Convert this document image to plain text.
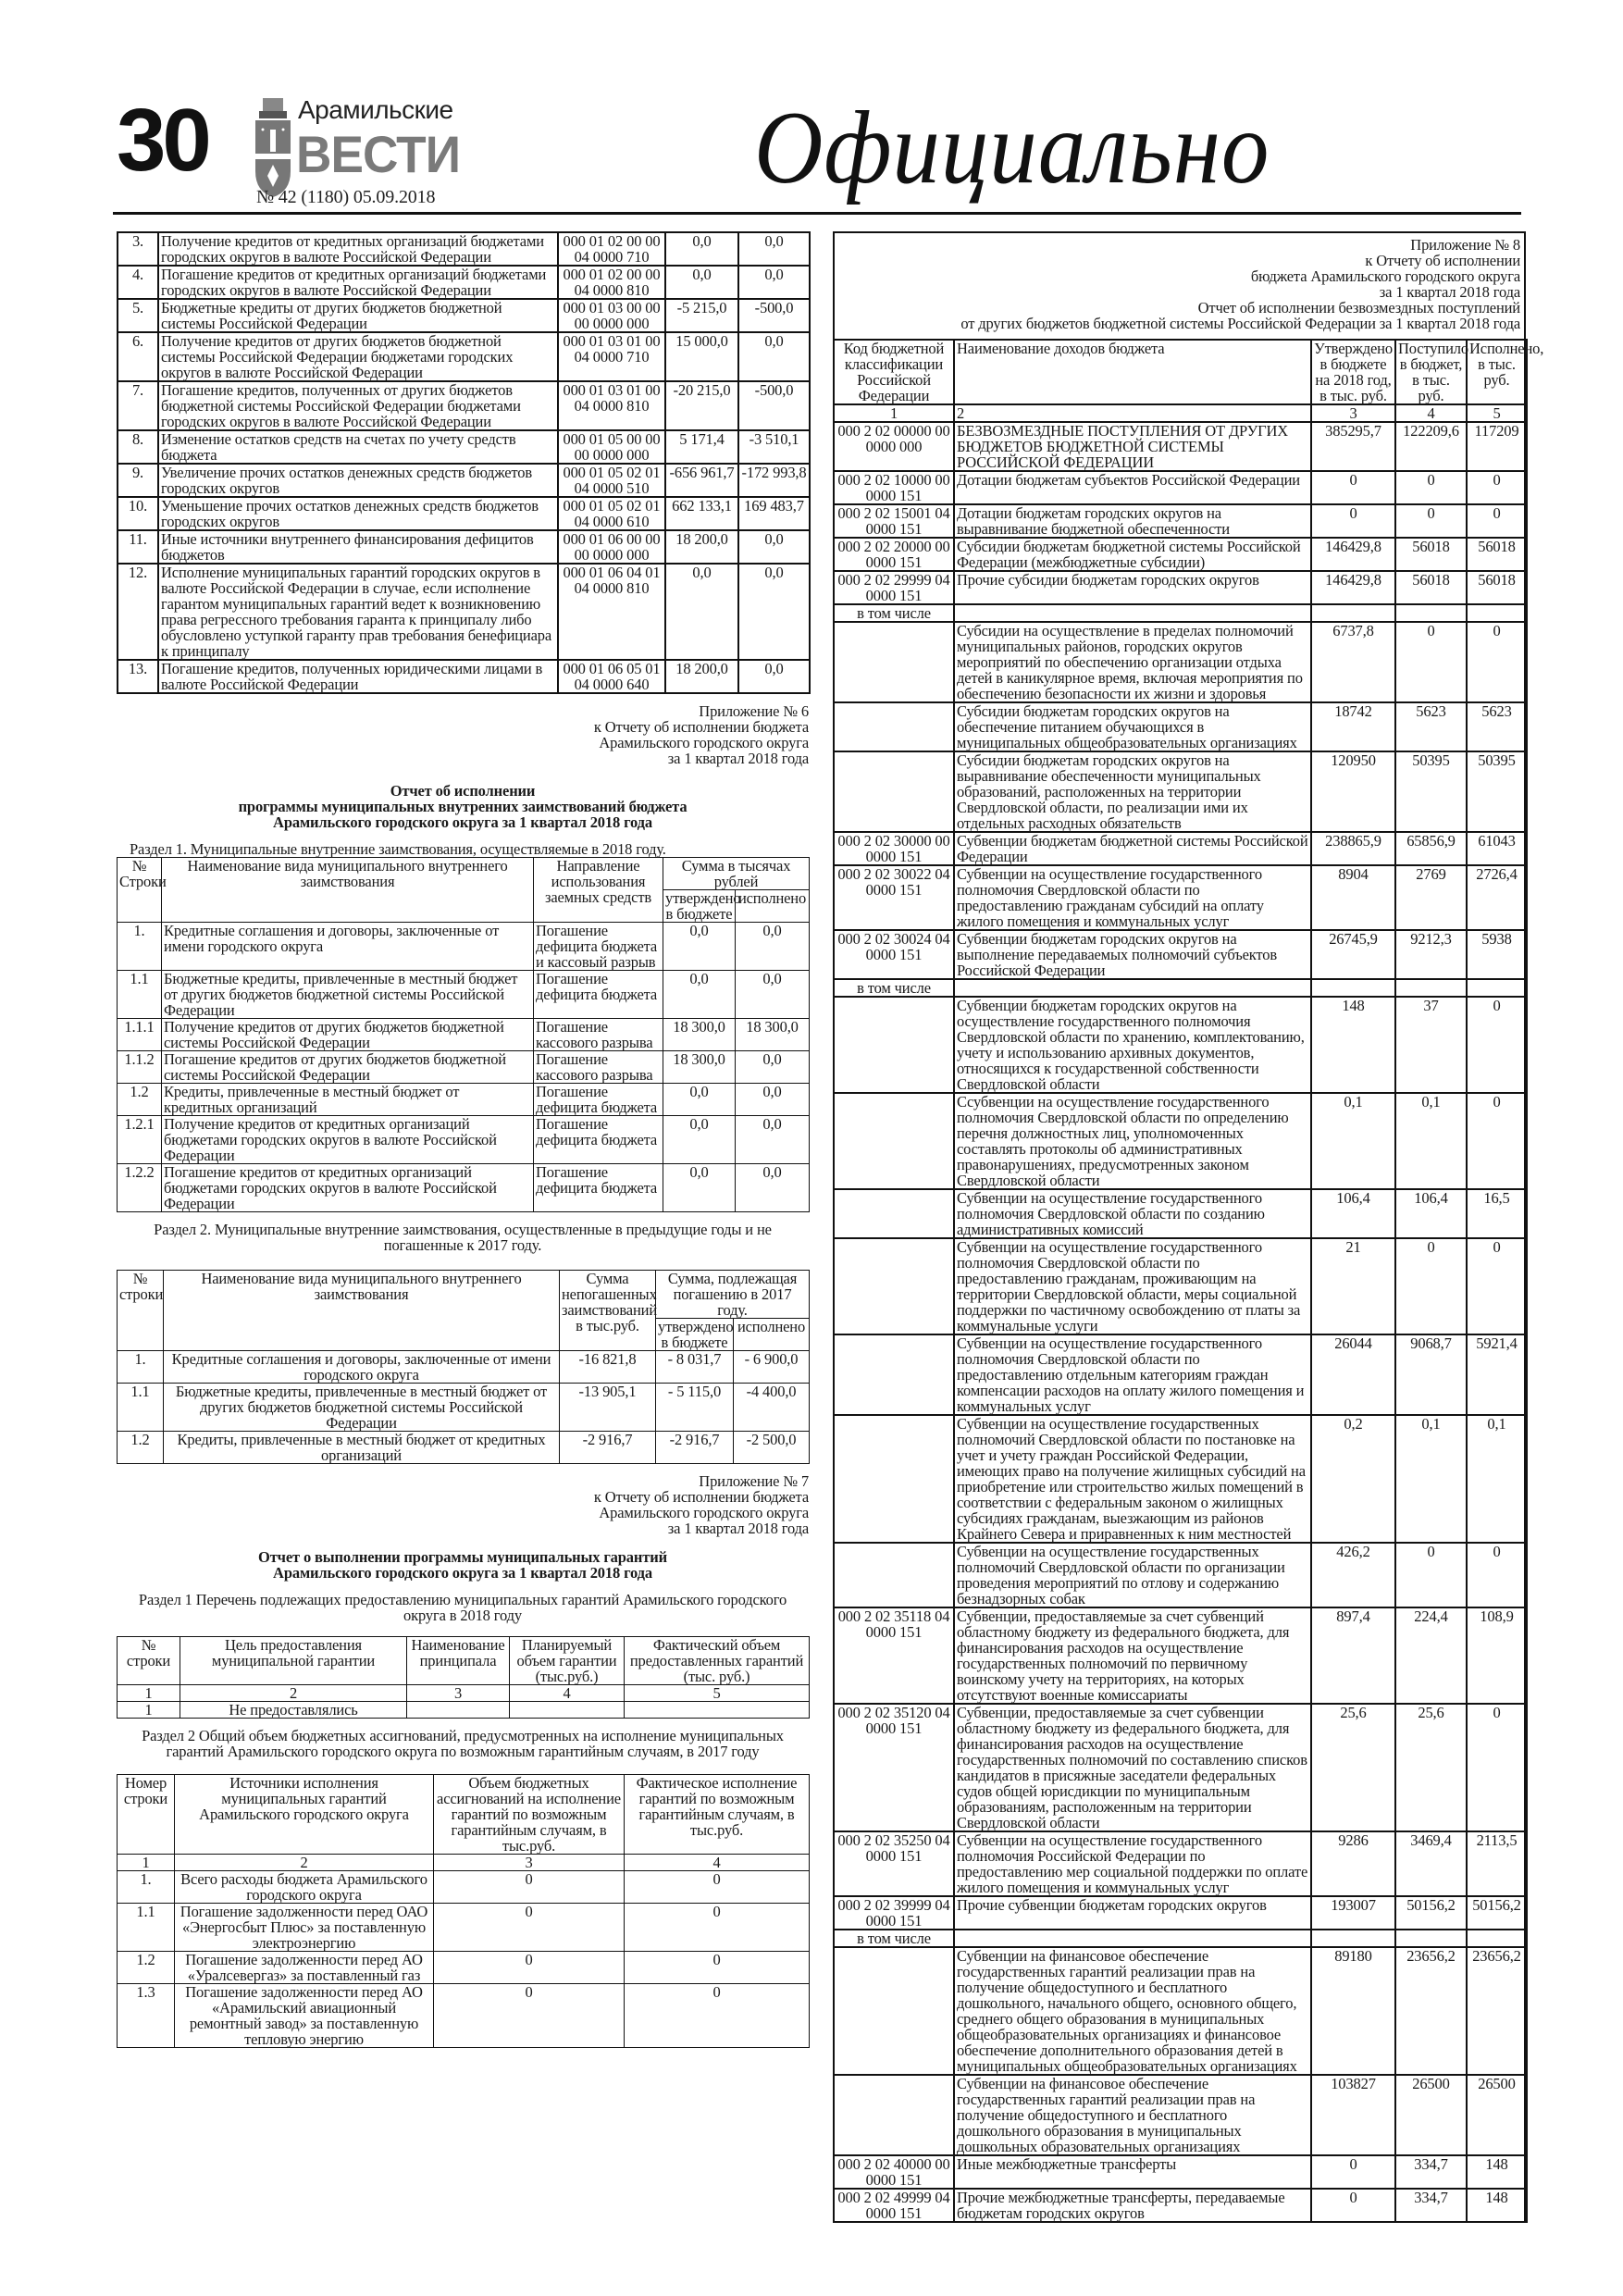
30	Арамильские
ВЕСТИ
№ 42 (1180) 05.09.2018	Официально
3.	Получение кредитов от кредитных организаций бюджетами городских округов в валюте Российской Федерации	000 01 02 00 00 04 0000 710	0,0	0,0
4.	Погашение кредитов от кредитных организаций бюджетами городских округов в валюте Российской Федерации	000 01 02 00 00 04 0000 810	0,0	0,0
5.	Бюджетные кредиты от других бюджетов бюджетной системы Российской Федерации	000 01 03 00 00 00 0000 000	-5 215,0	-500,0
6.	Получение кредитов от других бюджетов бюджетной системы Российской Федерации бюджетами городских округов в валюте Российской Федерации	000 01 03 01 00 04 0000 710	15 000,0	0,0
7.	Погашение кредитов, полученных от других бюджетов бюджетной системы Российской Федерации бюджетами городских округов в валюте Российской Федерации	000 01 03 01 00 04 0000 810	-20 215,0	-500,0
8.	Изменение остатков средств на счетах по учету средств бюджета	000 01 05 00 00 00 0000 000	5 171,4	-3 510,1
9.	Увеличение прочих остатков денежных средств бюджетов городских округов	000 01 05 02 01 04 0000 510	-656 961,7	-172 993,8
10.	Уменьшение прочих остатков денежных средств бюджетов городских округов	000 01 05 02 01 04 0000 610	662 133,1	169 483,7
11.	Иные источники внутреннего финансирования дефицитов бюджетов	000 01 06 00 00 00 0000 000	18 200,0	0,0
12.	Исполнение муниципальных гарантий городских округов в валюте Российской Федерации в случае, если исполнение гарантом муниципальных гарантий ведет к возникновению права регрессного требования гаранта к принципалу либо обусловлено уступкой гаранту прав требования бенефициара к принципалу	000 01 06 04 01 04 0000 810	0,0	0,0
13.	Погашение кредитов, полученных юридическими лицами в валюте Российской Федерации	000 01 06 05 01 04 0000 640	18 200,0	0,0
Приложение № 6
к Отчету об исполнении бюджета
Арамильского городского округа
за 1 квартал 2018 года
Отчет об исполнении
программы муниципальных внутренних заимствований бюджета
Арамильского городского округа за 1 квартал 2018 года
Раздел 1. Муниципальные внутренние заимствования, осуществляемые в 2018 году.
№ Строки	Наименование вида муниципального внутреннего заимствования	Направление использования заемных средств	Сумма в тысячах рублей	
			утверждено в бюджете	исполнено
1.	Кредитные соглашения и договоры, заключенные от имени городского округа	Погашение дефицита бюджета и кассовый разрыв	0,0	0,0
1.1	Бюджетные кредиты, привлеченные в местный бюджет от других бюджетов бюджетной системы Российской Федерации	Погашение дефицита бюджета	0,0	0,0
1.1.1	Получение кредитов от других бюджетов бюджетной системы Российской Федерации	Погашение кассового разрыва	18 300,0	18 300,0
1.1.2	Погашение кредитов от других бюджетов бюджетной системы Российской Федерации	Погашение кассового разрыва	18 300,0	0,0
1.2	Кредиты, привлеченные в местный бюджет от кредитных организаций	Погашение дефицита бюджета	0,0	0,0
1.2.1	Получение кредитов от кредитных организаций бюджетами городских округов в валюте Российской Федерации	Погашение дефицита бюджета	0,0	0,0
1.2.2	Погашение кредитов от кредитных организаций бюджетами городских округов в валюте Российской Федерации	Погашение дефицита бюджета	0,0	0,0
Раздел 2. Муниципальные внутренние заимствования, осуществленные в предыдущие годы и не погашенные к 2017 году.
№ строки	Наименование вида муниципального внутреннего заимствования	Сумма непогашенных заимствований в тыс.руб.	Сумма, подлежащая погашению в 2017 году.	
			утверждено в бюджете	исполнено
1.	Кредитные соглашения и договоры, заключенные от имени городского округа	-16 821,8	- 8 031,7	- 6 900,0
1.1	Бюджетные кредиты, привлеченные в местный бюджет от других бюджетов бюджетной системы Российской Федерации	-13 905,1	- 5 115,0	-4 400,0
1.2	Кредиты, привлеченные в местный бюджет от кредитных организаций	-2 916,7	-2 916,7	-2 500,0
Приложение № 7
к Отчету об исполнении бюджета
Арамильского городского округа
за 1 квартал 2018 года
Отчет о выполнении программы муниципальных гарантий
Арамильского городского округа за 1 квартал 2018 года
Раздел 1 Перечень подлежащих предоставлению муниципальных гарантий Арамильского городского округа в 2018 году
№ строки	Цель предоставления муниципальной гарантии	Наименование принципала	Планируемый объем гарантии (тыс.руб.)	Фактический объем предоставленных гарантий (тыс. руб.)
1	2	3	4	5
1	Не предоставлялись			
Раздел 2 Общий объем бюджетных ассигнований, предусмотренных на исполнение муниципальных гарантий Арамильского городского округа по возможным гарантийным случаям, в 2017 году
Номер строки	Источники исполнения муниципальных гарантий Арамильского городского округа	Объем бюджетных ассигнований на исполнение гарантий по возможным гарантийным случаям, в тыс.руб.	Фактическое исполнение гарантий по возможным гарантийным случаям, в тыс.руб.
1	2	3	4
1.	Всего расходы бюджета Арамильского городского округа	0	0
1.1	Погашение задолженности перед ОАО «Энергосбыт Плюс» за поставленную электроэнергию	0	0
1.2	Погашение задолженности перед АО «Уралсевергаз» за поставленный газ	0	0
1.3	Погашение задолженности перед АО «Арамильский авиационный ремонтный завод» за поставленную тепловую энергию	0	0
Приложение № 8
к Отчету об исполнении
бюджета Арамильского городского округа
за 1 квартал 2018 года
Отчет об исполнении безвозмездных поступлений
от других бюджетов бюджетной системы Российской Федерации за 1 квартал 2018 года
Код бюджетной классификации Российской Федерации	Наименование доходов бюджета	Утверждено в бюджете на 2018 год, в тыс. руб.	Поступило в бюджет, в тыс. руб.	Исполнено, в тыс. руб.
1	2	3	4	5
000 2 02 00000 00 0000 000	БЕЗВОЗМЕЗДНЫЕ ПОСТУПЛЕНИЯ ОТ ДРУГИХ БЮДЖЕТОВ БЮДЖЕТНОЙ СИСТЕМЫ РОССИЙСКОЙ ФЕДЕРАЦИИ	385295,7	122209,6	117209
000 2 02 10000 00 0000 151	Дотации бюджетам субъектов Российской Федерации	0	0	0
000 2 02 15001 04 0000 151	Дотации бюджетам городских округов на выравнивание бюджетной обеспеченности	0	0	0
000 2 02 20000 00 0000 151	Субсидии бюджетам бюджетной системы Российской Федерации (межбюджетные субсидии)	146429,8	56018	56018
000 2 02 29999 04 0000 151	Прочие субсидии бюджетам городских округов	146429,8	56018	56018
в том числе				
	Субсидии на осуществление в пределах полномочий муниципальных районов, городских округов мероприятий по обеспечению организации отдыха детей в каникулярное время, включая мероприятия по обеспечению безопасности их жизни и здоровья	6737,8	0	0
	Субсидии бюджетам городских округов на обеспечение питанием обучающихся в муниципальных общеобразовательных организациях	18742	5623	5623
	Субсидии бюджетам городских округов на выравнивание обеспеченности муниципальных образований, расположенных на территории Свердловской области, по реализации ими их отдельных расходных обязательств	120950	50395	50395
000 2 02 30000 00 0000 151	Субвенции бюджетам бюджетной системы Российской Федерации	238865,9	65856,9	61043
000 2 02 30022 04 0000 151	Субвенции на осуществление государственного полномочия Свердловской области по предоставлению гражданам субсидий на оплату жилого помещения и коммунальных услуг	8904	2769	2726,4
000 2 02 30024 04 0000 151	Субвенции бюджетам городских округов на выполнение передаваемых полномочий субъектов Российской Федерации	26745,9	9212,3	5938
в том числе				
	Субвенции бюджетам городских округов на осуществление государственного полномочия Свердловской области по хранению, комплектованию, учету и использованию архивных документов, относящихся к государственной собственности Свердловской области	148	37	0
	Ссубвенции на осуществление государственного полномочия Свердловской области по определению перечня должностных лиц, уполномоченных составлять протоколы об административных правонарушениях, предусмотренных законом Свердловской области	0,1	0,1	0
	Субвенции на осуществление государственного полномочия Свердловской области по созданию административных комиссий	106,4	106,4	16,5
	Субвенции на осуществление государственного полномочия Свердловской области по предоставлению гражданам, проживающим на территории Свердловской области, меры социальной поддержки по частичному освобождению от платы за коммунальные услуги	21	0	0
	Субвенции на осуществление государственного полномочия Свердловской области по предоставлению отдельным категориям граждан компенсации расходов на оплату жилого помещения и коммунальных услуг	26044	9068,7	5921,4
	Субвенции на осуществление государственных полномочий Свердловской области по постановке на учет и учету граждан Российской Федерации, имеющих право на получение жилищных субсидий на приобретение или строительство жилых помещений в соответствии с федеральным законом о жилищных субсидиях гражданам, выезжающим из районов Крайнего Севера и приравненных к ним местностей	0,2	0,1	0,1
	Субвенции на осуществление государственных полномочий Свердловской области по организации проведения мероприятий по отлову и содержанию безнадзорных собак	426,2	0	0
000 2 02 35118 04 0000 151	Субвенции, предоставляемые за счет субвенций областному бюджету из федерального бюджета, для финансирования расходов на осуществление государственных полномочий по первичному воинскому учету на территориях, на которых отсутствуют военные комиссариаты	897,4	224,4	108,9
000 2 02 35120 04 0000 151	Субвенции, предоставляемые за счет субвенции областному бюджету из федерального бюджета, для финансирования расходов на осуществление государственных полномочий по составлению списков кандидатов в присяжные заседатели федеральных судов общей юрисдикции по муниципальным образованиям, расположенным на территории Свердловской области	25,6	25,6	0
000 2 02 35250 04 0000 151	Субвенции на осуществление государственного полномочия Российской Федерации по предоставлению мер социальной поддержки по оплате жилого помещения и коммунальных услуг	9286	3469,4	2113,5
000 2 02 39999 04 0000 151	Прочие субвенции бюджетам городских округов	193007	50156,2	50156,2
в том числе				
	Субвенции на финансовое обеспечение государственных гарантий реализации прав на получение общедоступного и бесплатного дошкольного, начального общего, основного общего, среднего общего образования в муниципальных общеобразовательных организациях и финансовое обеспечение дополнительного образования детей в муниципальных общеобразовательных организациях	89180	23656,2	23656,2
	Субвенции на финансовое обеспечение государственных гарантий реализации прав на получение общедоступного и бесплатного дошкольного образования в муниципальных дошкольных образовательных организациях	103827	26500	26500
000 2 02 40000 00 0000 151	Иные межбюджетные трансферты	0	334,7	148
000 2 02 49999 04 0000 151	Прочие межбюджетные трансферты, передаваемые бюджетам городских округов	0	334,7	148
